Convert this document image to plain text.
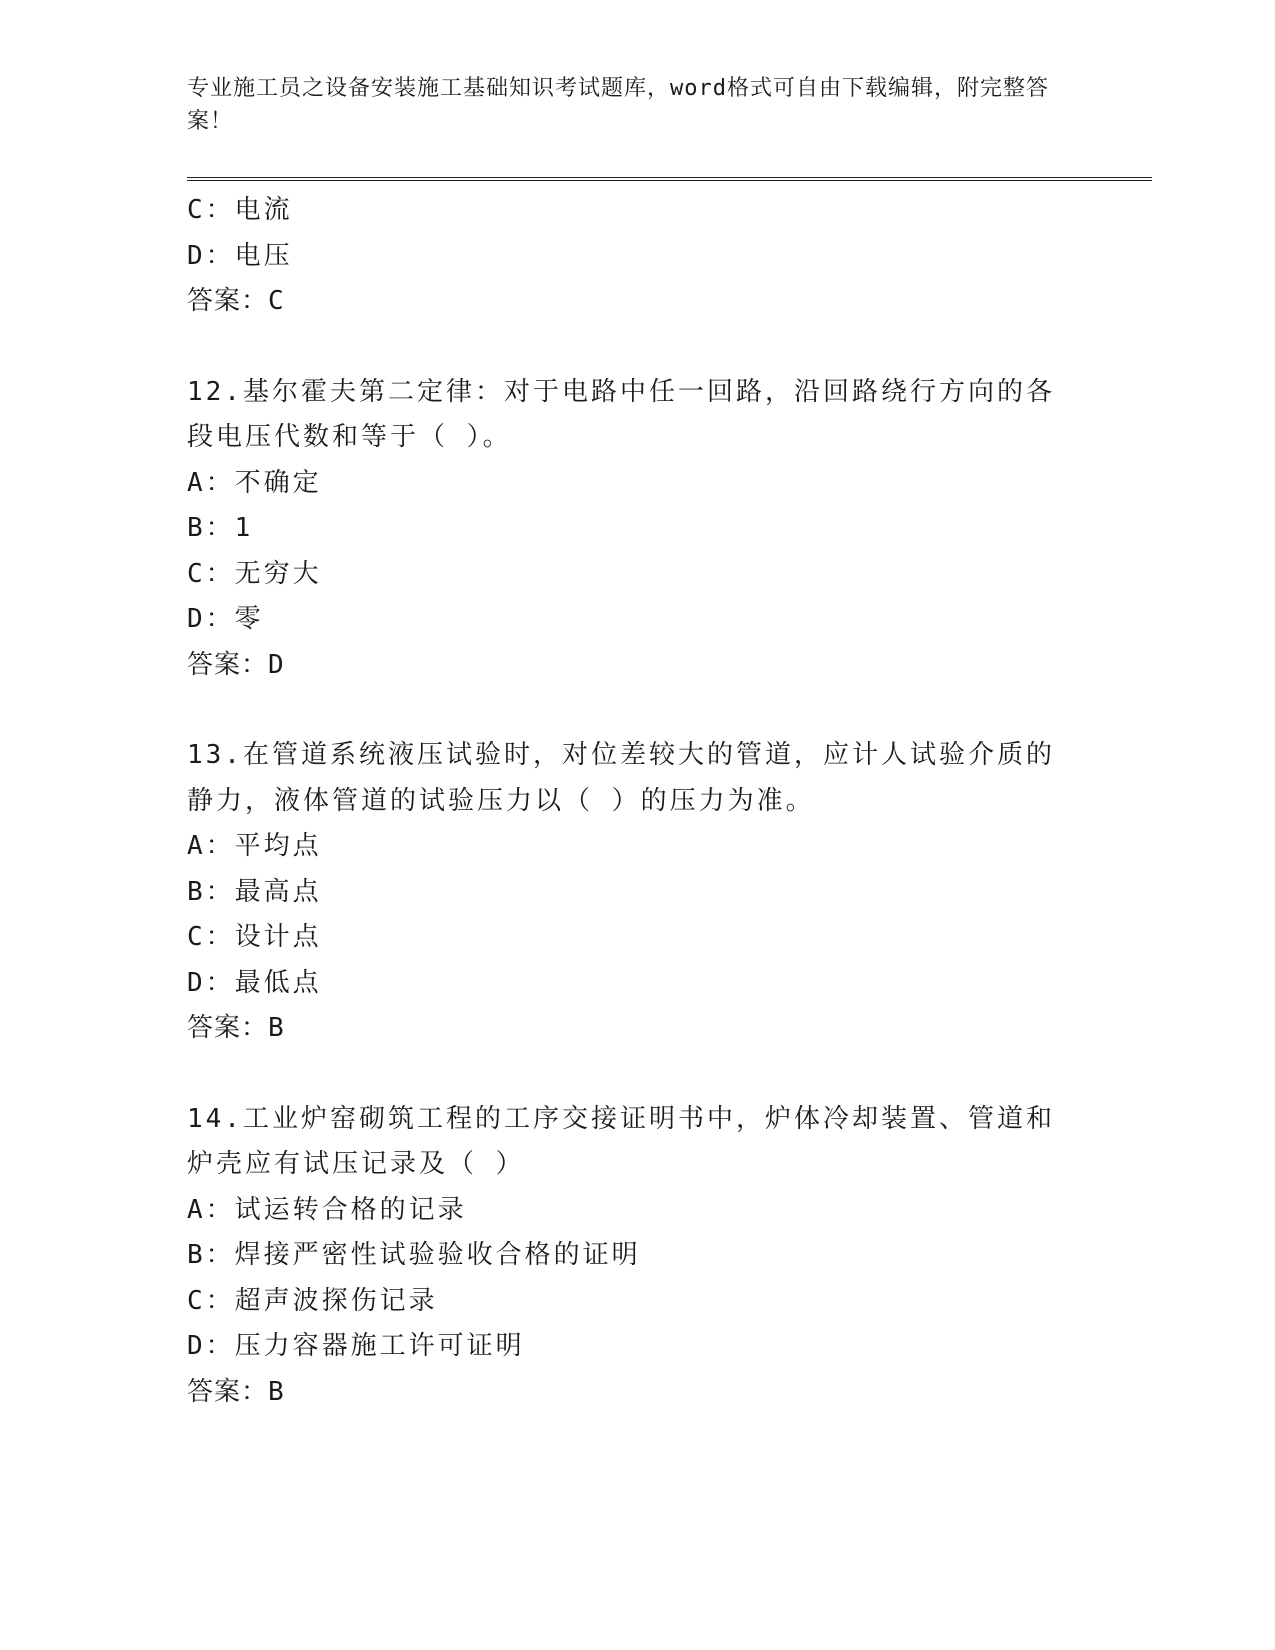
专业施工员之设备安装施工基础知识考试题库，word格式可自由下载编辑，附完整答案！
C：电流
D：电压
答案：C
12.基尔霍夫第二定律：对于电路中任一回路，沿回路绕行方向的各段电压代数和等于（ ）。
A：不确定
B：1
C：无穷大
D：零
答案：D
13.在管道系统液压试验时，对位差较大的管道，应计人试验介质的静力，液体管道的试验压力以（ ）的压力为准。
A：平均点
B：最高点
C：设计点
D：最低点
答案：B
14.工业炉窑砌筑工程的工序交接证明书中，炉体冷却装置、管道和炉壳应有试压记录及（ ）
A：试运转合格的记录
B：焊接严密性试验验收合格的证明
C：超声波探伤记录
D：压力容器施工许可证明
答案：B
